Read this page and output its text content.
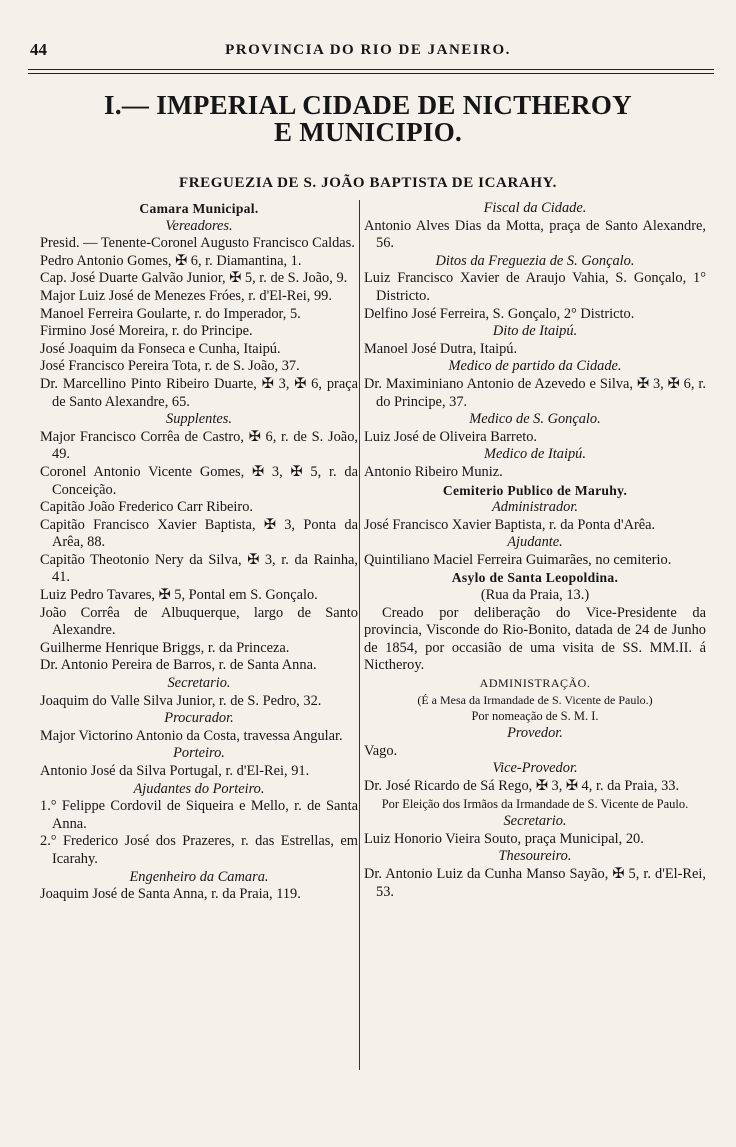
44	PROVINCIA DO RIO DE JANEIRO.
I.— IMPERIAL CIDADE DE NICTHEROY
E MUNICIPIO.
FREGUEZIA DE S. JOÃO BAPTISTA DE ICARAHY.

Camara Municipal.

Vereadores.

Presid. — Tenente-Coronel Augusto Francisco Caldas.

Pedro Antonio Gomes, ✠ 6, r. Diamantina, 1.

Cap. José Duarte Galvão Junior, ✠ 5, r. de S. João, 9.

Major Luiz José de Menezes Fróes, r. d'El-Rei, 99.

Manoel Ferreira Goularte, r. do Imperador, 5.

Firmino José Moreira, r. do Principe.

José Joaquim da Fonseca e Cunha, Itaipú.

José Francisco Pereira Tota, r. de S. João, 37.

Dr. Marcellino Pinto Ribeiro Duarte, ✠ 3, ✠ 6, praça de Santo Alexandre, 65.

Supplentes.

Major Francisco Corrêa de Castro, ✠ 6, r. de S. João, 49.

Coronel Antonio Vicente Gomes, ✠ 3, ✠ 5, r. da Conceição.

Capitão João Frederico Carr Ribeiro.

Capitão Francisco Xavier Baptista, ✠ 3, Ponta da Arêa, 88.

Capitão Theotonio Nery da Silva, ✠ 3, r. da Rainha, 41.

Luiz Pedro Tavares, ✠ 5, Pontal em S. Gonçalo.

João Corrêa de Albuquerque, largo de Santo Alexandre.

Guilherme Henrique Briggs, r. da Princeza.

Dr. Antonio Pereira de Barros, r. de Santa Anna.

Secretario.

Joaquim do Valle Silva Junior, r. de S. Pedro, 32.

Procurador.

Major Victorino Antonio da Costa, travessa Angular.

Porteiro.

Antonio José da Silva Portugal, r. d'El-Rei, 91.

Ajudantes do Porteiro.

1.° Felippe Cordovil de Siqueira e Mello, r. de Santa Anna.

2.° Frederico José dos Prazeres, r. das Estrellas, em Icarahy.

Engenheiro da Camara.

Joaquim José de Santa Anna, r. da Praia, 119.

Fiscal da Cidade.

Antonio Alves Dias da Motta, praça de Santo Alexandre, 56.

Ditos da Freguezia de S. Gonçalo.

Luiz Francisco Xavier de Araujo Vahia, S. Gonçalo, 1° Districto.

Delfino José Ferreira, S. Gonçalo, 2° Districto.

Dito de Itaipú.

Manoel José Dutra, Itaipú.

Medico de partido da Cidade.

Dr. Maximiniano Antonio de Azevedo e Silva, ✠ 3, ✠ 6, r. do Principe, 37.

Medico de S. Gonçalo.

Luiz José de Oliveira Barreto.

Medico de Itaipú.

Antonio Ribeiro Muniz.

Cemiterio Publico de Maruhy.

Administrador.

José Francisco Xavier Baptista, r. da Ponta d'Arêa.

Ajudante.

Quintiliano Maciel Ferreira Guimarães, no cemiterio.

Asylo de Santa Leopoldina.

(Rua da Praia, 13.)

Creado por deliberação do Vice-Presidente da provincia, Visconde do Rio-Bonito, datada de 24 de Junho de 1854, por occasião de uma visita de SS. MM.II. á Nictheroy.

ADMINISTRAÇÃO.

(É a Mesa da Irmandade de S. Vicente de Paulo.)

Por nomeação de S. M. I.

Provedor.

Vago.

Vice-Provedor.

Dr. José Ricardo de Sá Rego, ✠ 3, ✠ 4, r. da Praia, 33.

Por Eleição dos Irmãos da Irmandade de S. Vicente de Paulo.

Secretario.

Luiz Honorio Vieira Souto, praça Municipal, 20.

Thesoureiro.

Dr. Antonio Luiz da Cunha Manso Sayão, ✠ 5, r. d'El-Rei, 53.
